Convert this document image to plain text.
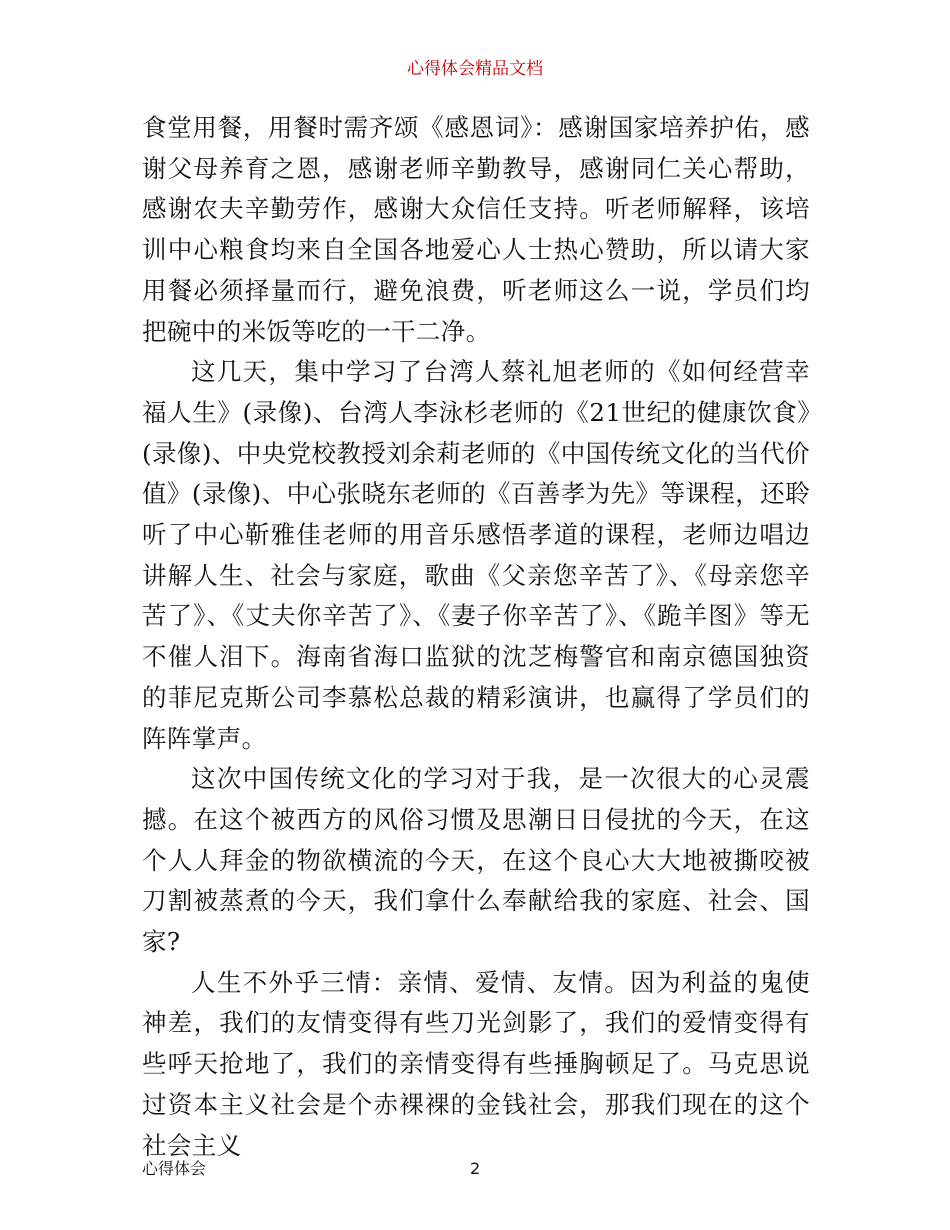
心得体会精品文档

食堂用餐，用餐时需齐颂《感恩词》：感谢国家培养护佑，感谢父母养育之恩，感谢老师辛勤教导，感谢同仁关心帮助，感谢农夫辛勤劳作，感谢大众信任支持。听老师解释，该培训中心粮食均来自全国各地爱心人士热心赞助，所以请大家用餐必须择量而行，避免浪费，听老师这么一说，学员们均把碗中的米饭等吃的一干二净。

这几天，集中学习了台湾人蔡礼旭老师的《如何经营幸福人生》(录像)、台湾人李泳杉老师的《21世纪的健康饮食》(录像)、中央党校教授刘余莉老师的《中国传统文化的当代价值》(录像)、中心张晓东老师的《百善孝为先》等课程，还聆听了中心靳雅佳老师的用音乐感悟孝道的课程，老师边唱边讲解人生、社会与家庭，歌曲《父亲您辛苦了》、《母亲您辛苦了》、《丈夫你辛苦了》、《妻子你辛苦了》、《跪羊图》等无不催人泪下。海南省海口监狱的沈芝梅警官和南京德国独资的菲尼克斯公司李慕松总裁的精彩演讲，也赢得了学员们的阵阵掌声。

这次中国传统文化的学习对于我，是一次很大的心灵震撼。在这个被西方的风俗习惯及思潮日日侵扰的今天，在这个人人拜金的物欲横流的今天，在这个良心大大地被撕咬被刀割被蒸煮的今天，我们拿什么奉献给我的家庭、社会、国家?

人生不外乎三情：亲情、爱情、友情。因为利益的鬼使神差，我们的友情变得有些刀光剑影了，我们的爱情变得有些呼天抢地了，我们的亲情变得有些捶胸顿足了。马克思说过资本主义社会是个赤裸裸的金钱社会，那我们现在的这个社会主义

心得体会	2
